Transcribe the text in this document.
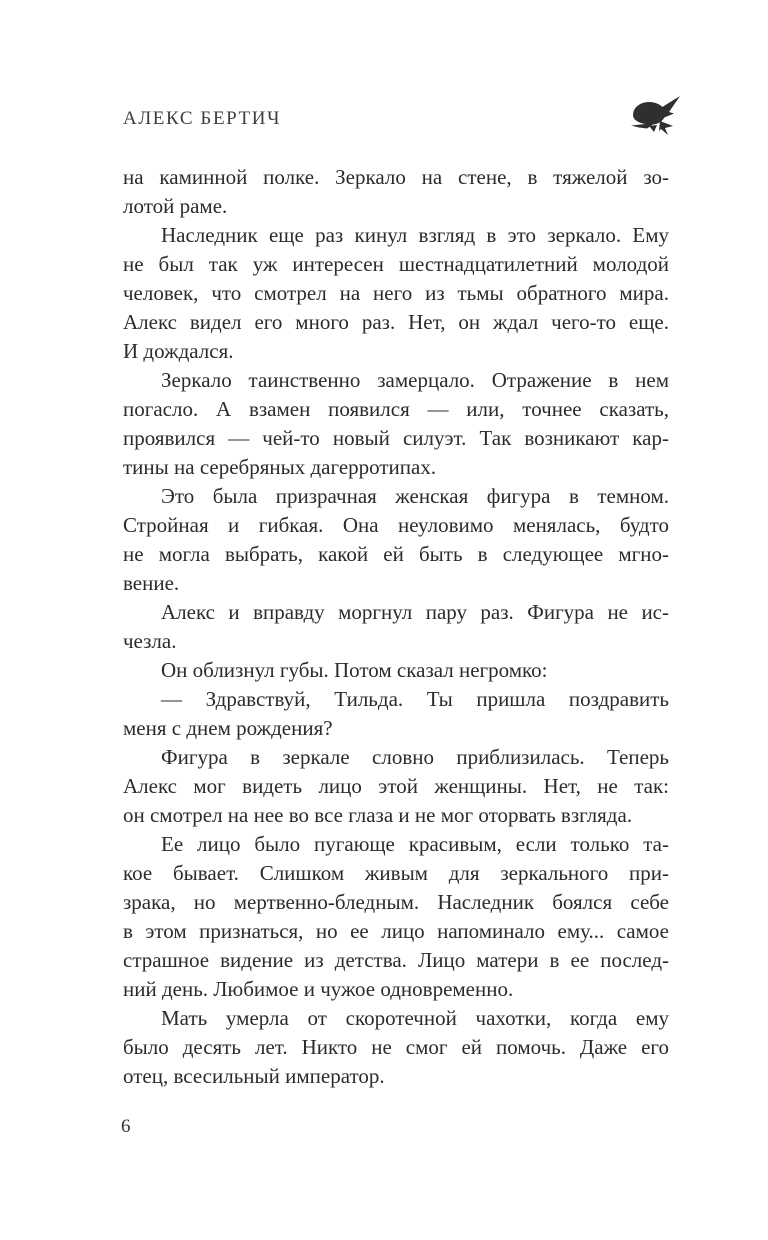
АЛЕКС БЕРТИЧ
на каминной полке. Зеркало на стене, в тяжелой зо-
лотой раме.
Наследник еще раз кинул взгляд в это зеркало. Ему
не был так уж интересен шестнадцатилетний молодой
человек, что смотрел на него из тьмы обратного мира.
Алекс видел его много раз. Нет, он ждал чего-то еще.
И дождался.
Зеркало таинственно замерцало. Отражение в нем
погасло. А взамен появился — или, точнее сказать,
проявился — чей-то новый силуэт. Так возникают кар-
тины на серебряных дагерротипах.
Это была призрачная женская фигура в темном.
Стройная и гибкая. Она неуловимо менялась, будто
не могла выбрать, какой ей быть в следующее мгно-
вение.
Алекс и вправду моргнул пару раз. Фигура не ис-
чезла.
Он облизнул губы. Потом сказал негромко:
— Здравствуй, Тильда. Ты пришла поздравить
меня с днем рождения?
Фигура в зеркале словно приблизилась. Теперь
Алекс мог видеть лицо этой женщины. Нет, не так:
он смотрел на нее во все глаза и не мог оторвать взгляда.
Ее лицо было пугающе красивым, если только та-
кое бывает. Слишком живым для зеркального при-
зрака, но мертвенно-бледным. Наследник боялся себе
в этом признаться, но ее лицо напоминало ему... самое
страшное видение из детства. Лицо матери в ее послед-
ний день. Любимое и чужое одновременно.
Мать умерла от скоротечной чахотки, когда ему
было десять лет. Никто не смог ей помочь. Даже его
отец, всесильный император.
6
